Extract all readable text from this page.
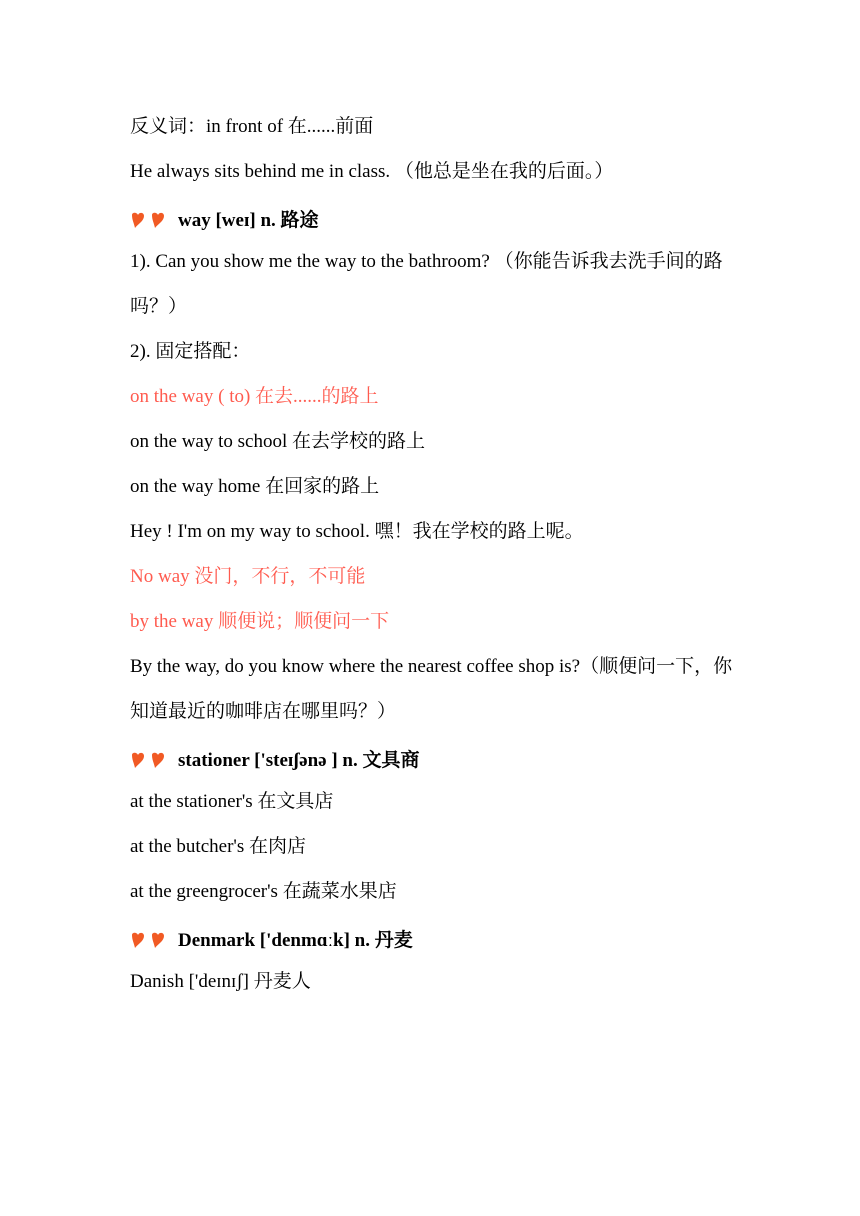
反义词：in front of 在......前面
He always sits behind me in class. （他总是坐在我的后面。）
way [weɪ] n. 路途
1). Can you show me the way to the bathroom? （你能告诉我去洗手间的路吗？）
2). 固定搭配：
on the way ( to) 在去......的路上
on the way to school 在去学校的路上
on the way home 在回家的路上
Hey ! I'm on my way to school. 嘿！我在学校的路上呢。
No way 没门，不行，不可能
by the way 顺便说；顺便问一下
By the way, do you know where the nearest coffee shop is?（顺便问一下，你知道最近的咖啡店在哪里吗？）
stationer ['steɪʃənə ] n. 文具商
at the stationer's 在文具店
at the butcher's 在肉店
at the greengrocer's 在蔬菜水果店
Denmark ['denmɑːk] n. 丹麦
Danish ['deɪnɪʃ] 丹麦人
